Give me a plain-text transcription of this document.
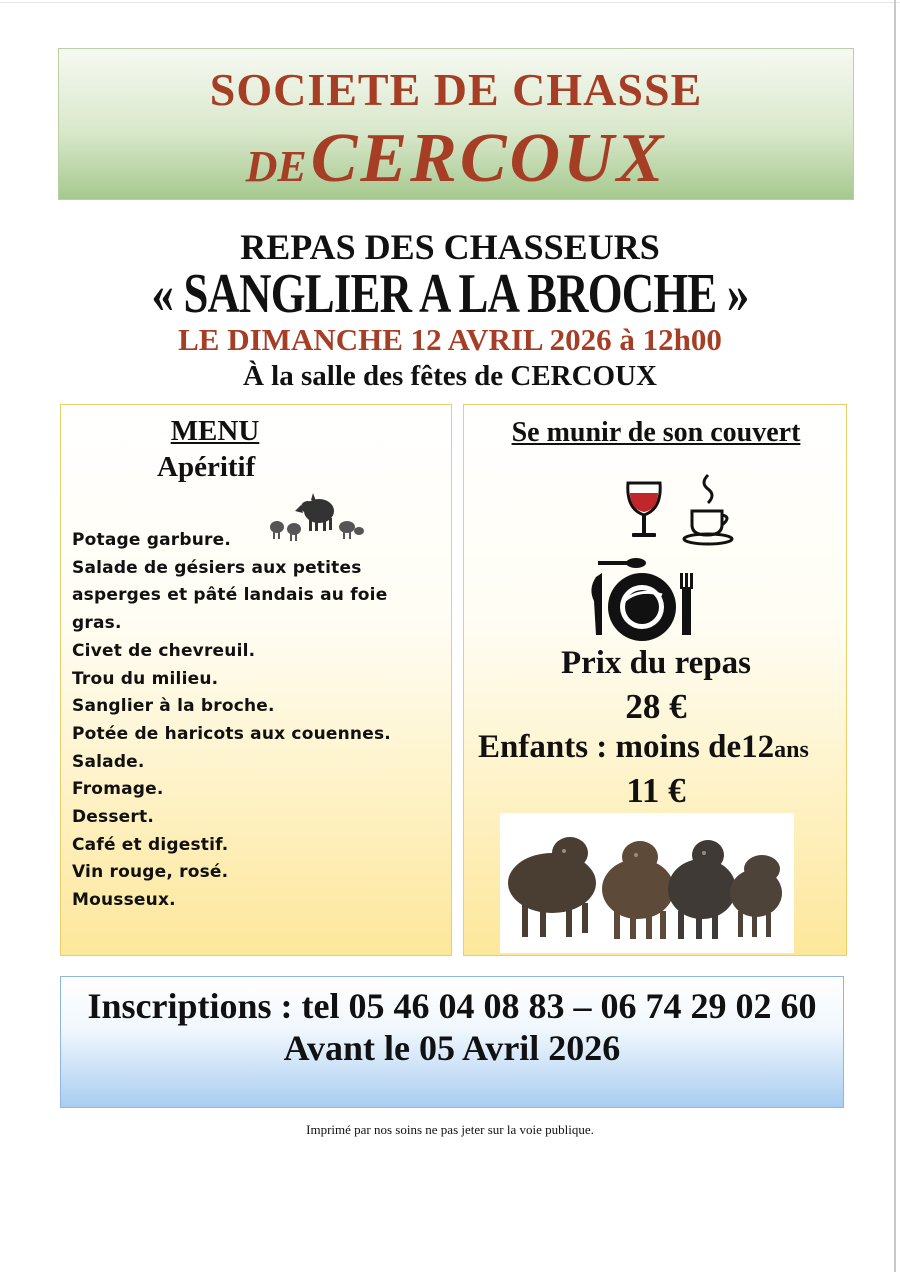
SOCIETE DE CHASSE
DE CERCOUX
REPAS DES CHASSEURS
« SANGLIER A LA BROCHE »
LE DIMANCHE 12 AVRIL 2026 à 12h00
À la salle des fêtes de CERCOUX
MENU
Apéritif
Potage garbure.
Salade de gésiers aux petites
asperges et pâté landais au foie
gras.
Civet de chevreuil.
Trou du milieu.
Sanglier à la broche.
Potée de haricots aux couennes.
Salade.
Fromage.
Dessert.
Café et digestif.
Vin rouge, rosé.
Mousseux.
Se munir de son couvert
Prix du repas
28 €
Enfants : moins de12ans
11 €
Inscriptions : tel 05 46 04 08 83 – 06 74 29 02 60
Avant le 05 Avril 2026
Imprimé par nos soins ne pas jeter sur la voie publique.
